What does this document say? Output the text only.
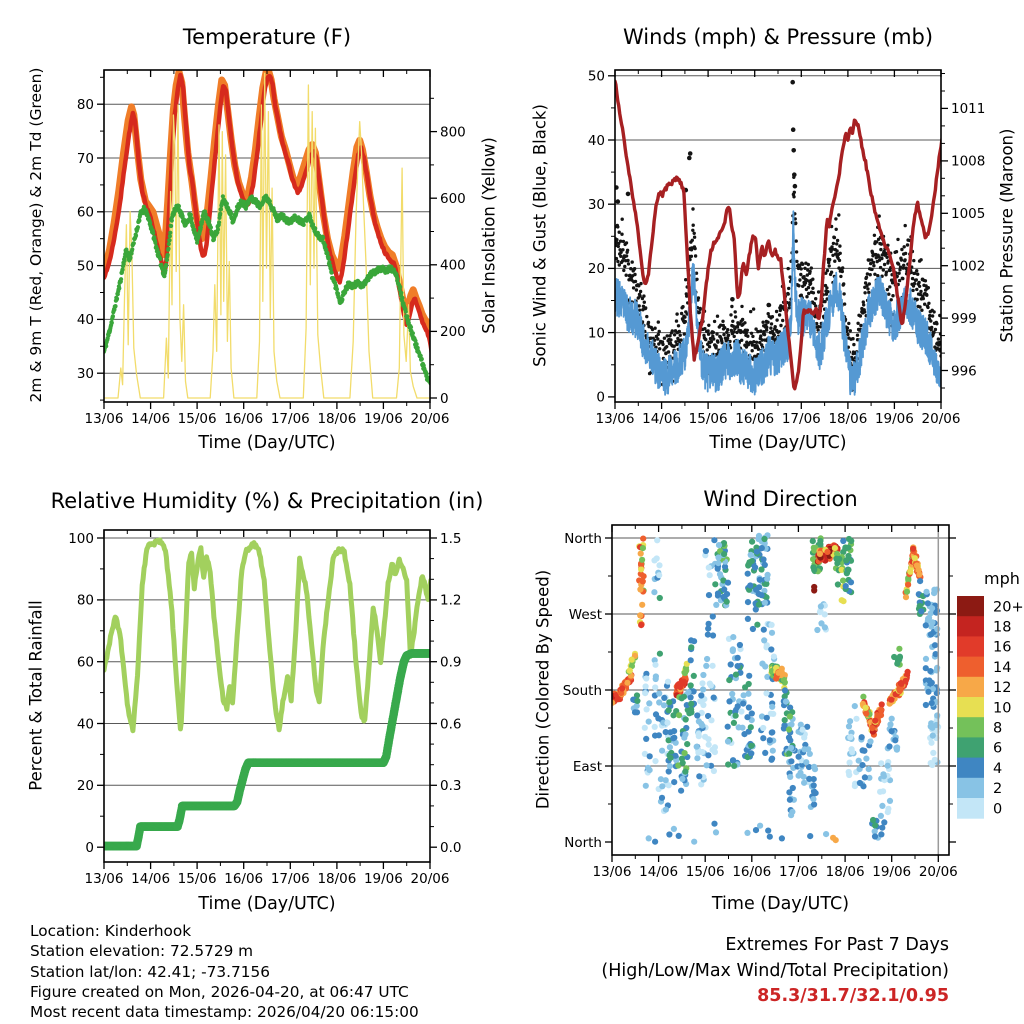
13/06 14/06 15/06 16/06 17/06 18/06 19/06 20/06
30
40
50
60
70
80
0
200
400
600
800
13/06 14/06 15/06 16/06 17/06 18/06 19/06 20/06
0
10
20
30
40
50
996
999
1002
1005
1008
1011
13/06 14/06 15/06 16/06 17/06 18/06 19/06 20/06
0
20
40
60
80
100
0.0
0.3
0.6
0.9
1.2
1.5
13/06 14/06 15/06 16/06 17/06 18/06 19/06 20/06
North
East
South
West
North
20+
18
16
14
12
10
8
6
4
2
0
Temperature (F)	Winds (mph) & Pressure (mb)
Relative Humidity (%) & Precipitation (in)	Wind Direction
Time (Day/UTC)	Time (Day/UTC)
Time (Day/UTC)	Time (Day/UTC)
2m & 9m T (Red, Orange) & 2m Td (Green)	Solar Insolation (Yellow) Sonic Wind & Gust (Blue, Black)	Station Pressure (Maroon)
Percent & Total Rainfall	Direction (Colored By Speed)	mph
Location: Kinderhook
Station elevation: 72.5729 m
Station lat/lon: 42.41; -73.7156
Figure created on Mon, 2026-04-20, at 06:47 UTC
Most recent data timestamp: 2026/04/20 06:15:00
Extremes For Past 7 Days
(High/Low/Max Wind/Total Precipitation)
85.3/31.7/32.1/0.95
